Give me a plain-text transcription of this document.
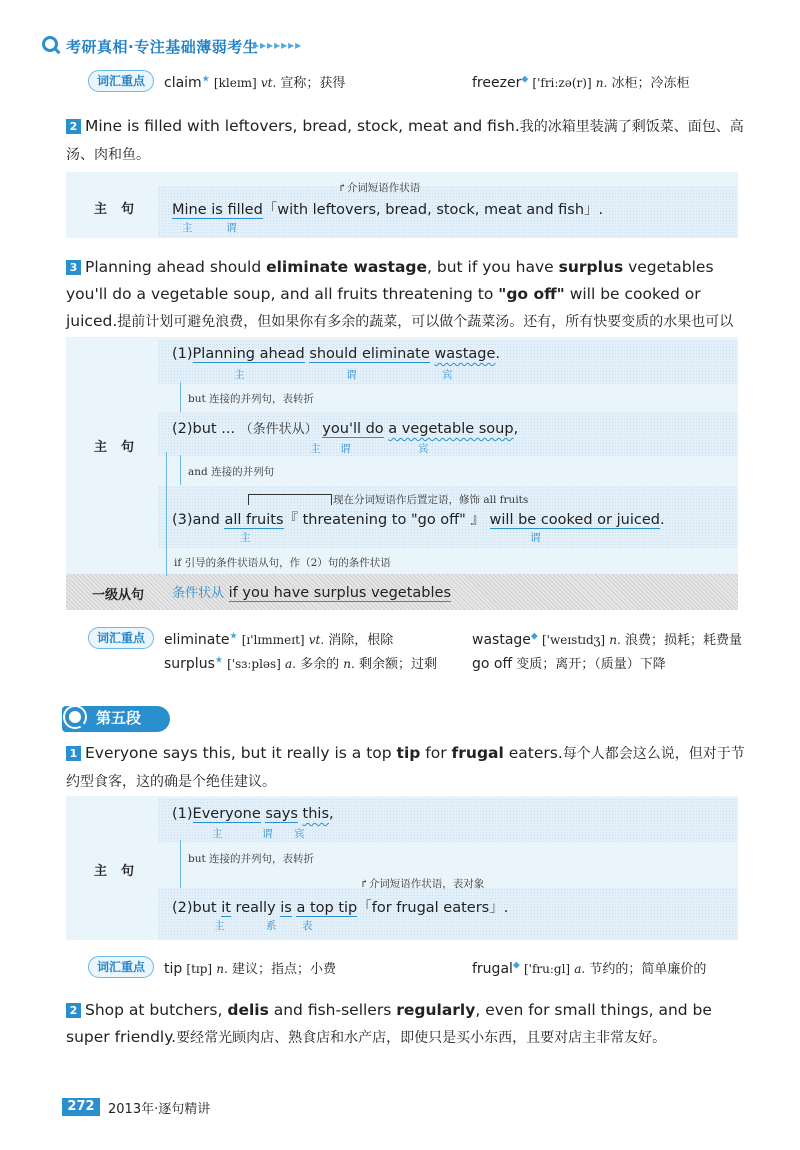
考研真相·专注基础薄弱考生
▸▸▸▸▸▸▸
词汇重点	claim★ [kleɪm] vt. 宣称；获得	freezer◆ ['friːzə(r)] n. 冰柜；冷冻柜
2 Mine is filled with leftovers, bread, stock, meat and fish.我的冰箱里装满了剩饭菜、面包、高汤、肉和鱼。
主句
↱介词短语作状语
Mine is filled「with leftovers, bread, stock, meat and fish」.
主	谓
3 Planning ahead should eliminate wastage, but if you have surplus vegetables you'll do a vegetable soup, and all fruits threatening to "go off" will be cooked or juiced.提前计划可避免浪费，但如果你有多余的蔬菜，可以做个蔬菜汤。还有，所有快要变质的水果也可以
主句
(1)Planning ahead should eliminate wastage.
主	谓	宾
but 连接的并列句，表转折
(2)but ... （条件状从） you'll do a vegetable soup,
主 谓	宾
and 连接的并列句
现在分词短语作后置定语，修饰 all fruits
(3)and all fruits『 threatening to "go off" 』 will be cooked or juiced.
主	谓
if 引导的条件状语从句，作（2）句的条件状语
一级从句 条件状从 if you have surplus vegetables
词汇重点	eliminate★ [ɪ'lɪmɪneɪt] vt. 消除，根除	wastage◆ ['weɪstɪdʒ] n. 浪费；损耗；耗费量
surplus★ ['sɜːpləs] a. 多余的 n. 剩余额；过剩	go off 变质；离开；（质量）下降
第五段
1 Everyone says this, but it really is a top tip for frugal eaters.每个人都会这么说，但对于节约型食客，这的确是个绝佳建议。
主句
(1)Everyone says this,
主	谓 宾
but 连接的并列句，表转折
↱介词短语作状语，表对象
(2)but it really is a top tip「for frugal eaters」.
主	系 表
词汇重点	tip [tɪp] n. 建议；指点；小费	frugal◆ ['fruːgl] a. 节约的；简单廉价的
2 Shop at butchers, delis and fish-sellers regularly, even for small things, and be super friendly.要经常光顾肉店、熟食店和水产店，即使只是买小东西，且要对店主非常友好。
272	2013年·逐句精讲
